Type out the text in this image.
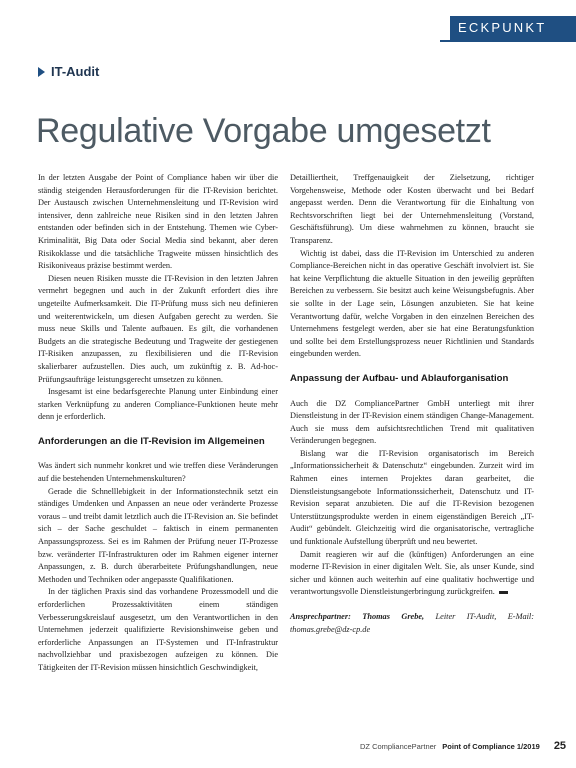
ECKPUNKT
IT-Audit
Regulative Vorgabe umgesetzt

In der letzten Ausgabe der Point of Compliance haben wir über die ständig steigenden Herausforderungen für die IT-Revision berichtet. Der Austausch zwischen Unternehmensleitung und IT-Revision wird intensiver, denn zahlreiche neue Risiken sind in den letzten Jahren entstanden oder befinden sich in der Entstehung. Themen wie Cyber-Kriminalität, Big Data oder Social Media sind bekannt, aber deren Risikoklasse und die tatsächliche Tragweite müssen hinsichtlich des Risikoniveaus präzise bestimmt werden.

Diesen neuen Risiken musste die IT-Revision in den letzten Jahren vermehrt begegnen und auch in der Zukunft erfordert dies ihre ungeteilte Aufmerksamkeit. Die IT-Prüfung muss sich neu definieren und weiterentwickeln, um diesen Aufgaben gerecht zu werden. Sie muss neue Skills und Talente aufbauen. Es gilt, die vorhandenen Budgets an die strategische Bedeutung und Tragweite der gestiegenen IT-Risiken anzupassen, zu flexibilisieren und die IT-Revision skalierbarer aufzustellen. Dies auch, um zukünftig z. B. Ad-hoc-Prüfungsaufträge leistungsgerecht umsetzen zu können.

Insgesamt ist eine bedarfsgerechte Planung unter Einbindung einer starken Verknüpfung zu anderen Compliance-Funktionen heute mehr denn je erforderlich.

Anforderungen an die IT-Revision im Allgemeinen

Was ändert sich nunmehr konkret und wie treffen diese Veränderungen auf die bestehenden Unternehmenskulturen?

Gerade die Schnelllebigkeit in der Informationstechnik setzt ein ständiges Umdenken und Anpassen an neue oder veränderte Prozesse voraus – und treibt damit letztlich auch die IT-Revision an. Sie befindet sich – der Sache geschuldet – faktisch in einem permanenten Anpassungsprozess. Sei es im Rahmen der Prüfung neuer IT-Prozesse bzw. veränderter IT-Infrastrukturen oder im Rahmen eigener interner Anpassungen, z. B. durch überarbeitete Prüfungshandlungen, neue Methoden und Techniken oder angepasste Qualifikationen.

In der täglichen Praxis sind das vorhandene Prozessmodell und die erforderlichen Prozessaktivitäten einem ständigen Verbesserungskreislauf ausgesetzt, um den Verantwortlichen in den Unternehmen jederzeit qualifizierte Revisionshinweise geben und erforderliche Anpassungen an IT-Systemen und IT-Infrastruktur nachvollziehbar und praxisbezogen aufzeigen zu können. Die Tätigkeiten der IT-Revision müssen hinsichtlich Geschwindigkeit,

Detailliertheit, Treffgenauigkeit der Zielsetzung, richtiger Vorgehensweise, Methode oder Kosten überwacht und bei Bedarf angepasst werden. Denn die Verantwortung für die Einhaltung von Rechtsvorschriften liegt bei der Unternehmensleitung (Vorstand, Geschäftsführung). Um diese wahrnehmen zu können, braucht sie Transparenz.

Wichtig ist dabei, dass die IT-Revision im Unterschied zu anderen Compliance-Bereichen nicht in das operative Geschäft involviert ist. Sie hat keine Verpflichtung die aktuelle Situation in den jeweilig geprüften Bereichen zu verbessern. Sie besitzt auch keine Weisungsbefugnis. Aber sie sollte in der Lage sein, Lösungen anzubieten. Sie hat keine Verantwortung dafür, welche Vorgaben in den einzelnen Bereichen des Unternehmens festgelegt werden, aber sie hat eine Beratungsfunktion und sollte bei dem Erstellungsprozess neuer Richtlinien und Standards eingebunden werden.

Anpassung der Aufbau- und Ablauforganisation

Auch die DZ CompliancePartner GmbH unterliegt mit ihrer Dienstleistung in der IT-Revision einem ständigen Change-Management. Auch sie muss dem aufsichtsrechtlichen Trend mit qualitativen Veränderungen begegnen.

Bislang war die IT-Revision organisatorisch im Bereich „Informationssicherheit & Datenschutz“ eingebunden. Zurzeit wird im Rahmen eines internen Projektes daran gearbeitet, die Dienstleistungsangebote Informationssicherheit, Datenschutz und IT-Revision separat anzubieten. Die auf die IT-Revision bezogenen Unterstützungsprodukte werden in einem eigenständigen Bereich „IT-Audit“ gebündelt. Gleichzeitig wird die organisatorische, vertragliche und funktionale Aufstellung überprüft und neu bewertet.

Damit reagieren wir auf die (künftigen) Anforderungen an eine moderne IT-Revision in einer digitalen Welt. Sie, als unser Kunde, sind sicher und können auch weiterhin auf eine qualitativ hochwertige und verantwortungsvolle Dienstleistungerbringung zurückgreifen.

Ansprechpartner: Thomas Grebe, Leiter IT-Audit, E-Mail: thomas.grebe@dz-cp.de

DZ CompliancePartner Point of Compliance 1/2019 25
